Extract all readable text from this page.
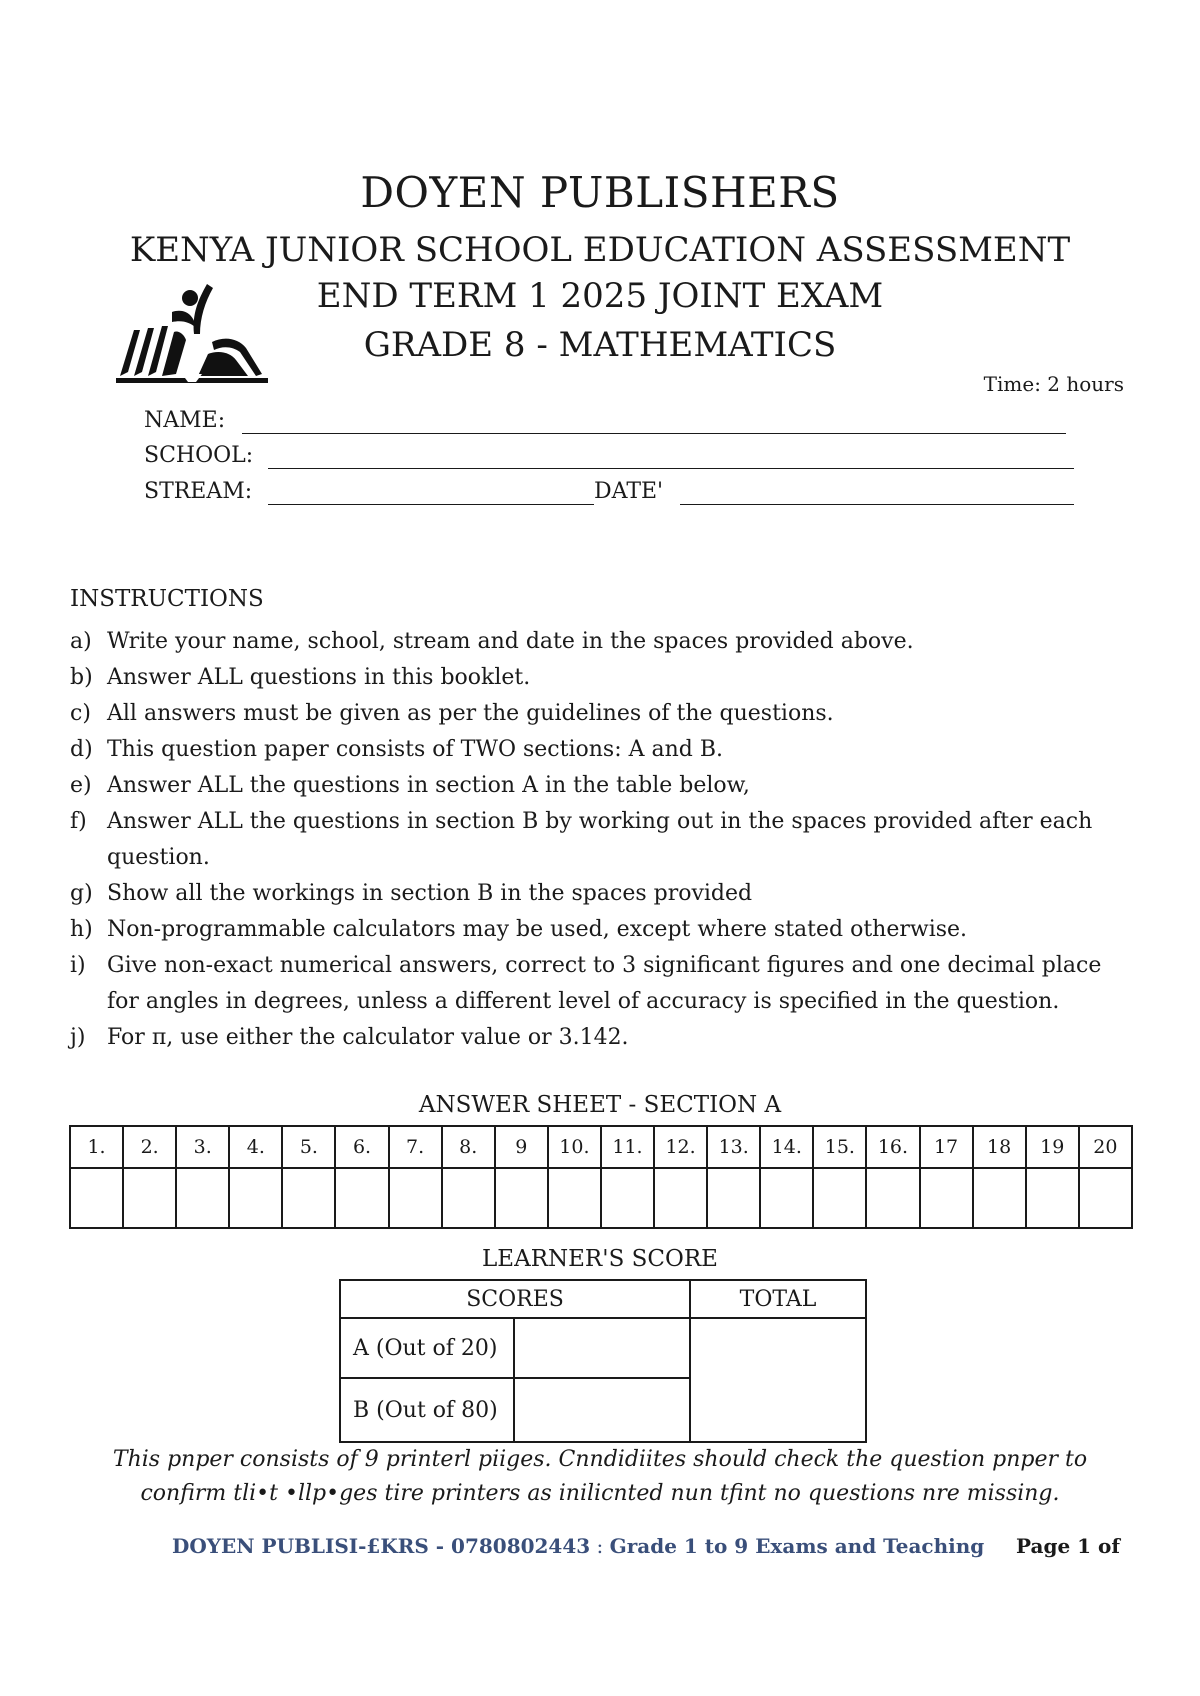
DOYEN PUBLISHERS
KENYA JUNIOR SCHOOL EDUCATION ASSESSMENT
END TERM 1 2025 JOINT EXAM
GRADE 8 - MATHEMATICS
Time: 2 hours
NAME:
SCHOOL:
STREAM:	DATE'
INSTRUCTIONS
a) Write your name, school, stream and date in the spaces provided above.
b) Answer ALL questions in this booklet.
c) All answers must be given as per the guidelines of the questions.
d) This question paper consists of TWO sections: A and B.
e) Answer ALL the questions in section A in the table below,
f) Answer ALL the questions in section B by working out in the spaces provided after each question.
g) Show all the workings in section B in the spaces provided
h) Non-programmable calculators may be used, except where stated otherwise.
i) Give non-exact numerical answers, correct to 3 significant figures and one decimal place for angles in degrees, unless a different level of accuracy is specified in the question.
j) For π, use either the calculator value or 3.142.
ANSWER SHEET - SECTION A
1.	2.	3.	4.	5.	6.	7.	8.	9	10.	11.	12.	13.	14.	15.	16.	17	18	19	20

LEARNER'S SCORE
SCORES		TOTAL
A (Out of 20)		
B (Out of 80)		
This pnper consists of 9 printerl piiges. Cnndidiites should check the question pnper to
confirm tli•t •llp•ges tire printers as inilicnted nun tfint no questions nre missing.
DOYEN PUBLISI-£KRS - 0780802443 : Grade 1 to 9 Exams and Teaching Page 1 of
